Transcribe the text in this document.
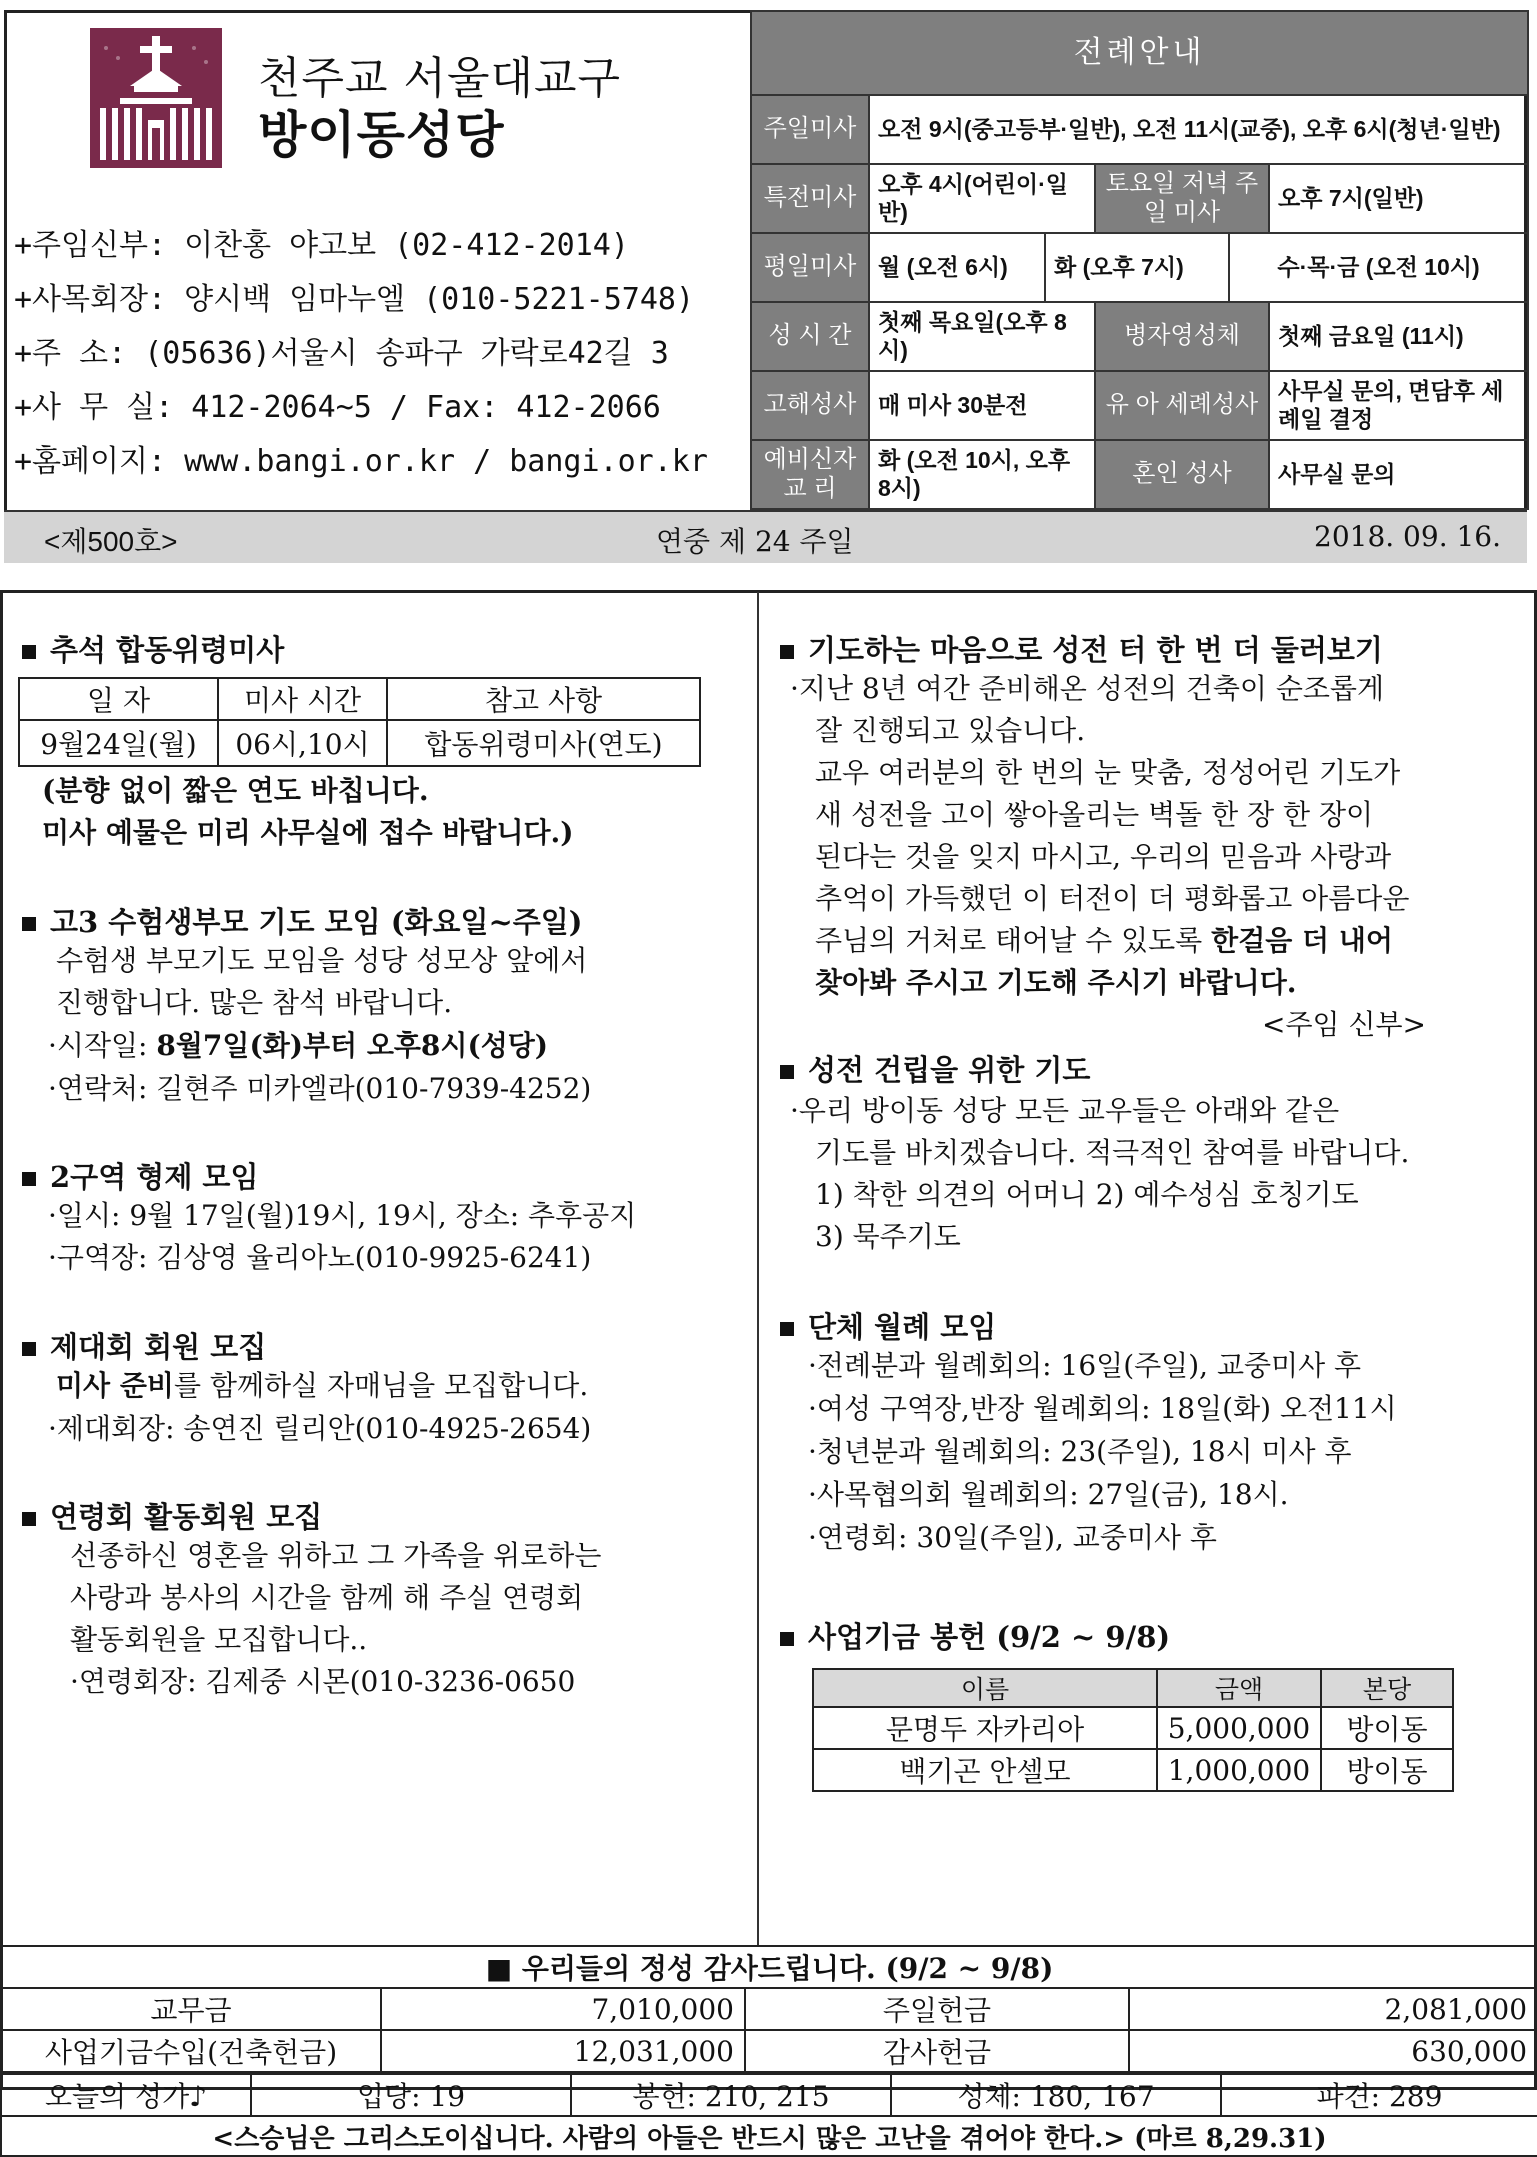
천주교 서울대교구
방이동성당
+주임신부: 이찬홍 야고보 (02-412-2014)
+사목회장: 양시백 임마누엘 (010-5221-5748)
+주 소: (05636)서울시 송파구 가락로42길 3
+사 무 실: 412-2064~5 / Fax: 412-2066
+홈페이지: www.bangi.or.kr / bangi.or.kr
전례안내					
주일미사	오전 9시(중고등부·일반), 오전 11시(교중), 오후 6시(청년·일반)				
특전미사	오후 4시(어린이·일반)		토요일 저녁 주일 미사		오후 7시(일반)
평일미사	월 (오전 6시)	화 (오후 7시)		수·목·금 (오전 10시)	
성 시 간	첫째 목요일(오후 8시)		병자영성체		첫째 금요일 (11시)
고해성사	매 미사 30분전		유 아 세례성사		사무실 문의, 면담후 세례일 결정
예비신자 교 리	화 (오전 10시, 오후 8시)		혼인 성사		사무실 문의
<제500호>	연중 제 24 주일	2018. 09. 16.
추석 합동위령미사
일 자	미사 시간	참고 사항
9월24일(월)	06시,10시	합동위령미사(연도)
(분향 없이 짧은 연도 바칩니다.
미사 예물은 미리 사무실에 접수 바랍니다.)
고3 수험생부모 기도 모임 (화요일~주일)
수험생 부모기도 모임을 성당 성모상 앞에서
진행합니다. 많은 참석 바랍니다.
·시작일: 8월7일(화)부터 오후8시(성당)
·연락처: 길현주 미카엘라(010-7939-4252)
2구역 형제 모임
·일시: 9월 17일(월)19시, 19시, 장소: 추후공지
·구역장: 김상영 율리아노(010-9925-6241)
제대회 회원 모집
미사 준비를 함께하실 자매님을 모집합니다.
·제대회장: 송연진 릴리안(010-4925-2654)
연령회 활동회원 모집
선종하신 영혼을 위하고 그 가족을 위로하는
사랑과 봉사의 시간을 함께 해 주실 연령회
활동회원을 모집합니다..
·연령회장: 김제중 시몬(010-3236-0650
기도하는 마음으로 성전 터 한 번 더 둘러보기
·지난 8년 여간 준비해온 성전의 건축이 순조롭게
잘 진행되고 있습니다.
교우 여러분의 한 번의 눈 맞춤, 정성어린 기도가
새 성전을 고이 쌓아올리는 벽돌 한 장 한 장이
된다는 것을 잊지 마시고, 우리의 믿음과 사랑과
추억이 가득했던 이 터전이 더 평화롭고 아름다운
주님의 거처로 태어날 수 있도록 한걸음 더 내어
찾아봐 주시고 기도해 주시기 바랍니다.
<주임 신부>
성전 건립을 위한 기도
·우리 방이동 성당 모든 교우들은 아래와 같은
기도를 바치겠습니다. 적극적인 참여를 바랍니다.
1) 착한 의견의 어머니 2) 예수성심 호칭기도
3) 묵주기도
단체 월례 모임
·전례분과 월례회의: 16일(주일), 교중미사 후
·여성 구역장,반장 월례회의: 18일(화) 오전11시
·청년분과 월례회의: 23(주일), 18시 미사 후
·사목협의회 월례회의: 27일(금), 18시.
·연령회: 30일(주일), 교중미사 후
사업기금 봉헌 (9/2 ~ 9/8)
이름	금액	본당
문명두 자카리아	5,000,000	방이동
백기곤 안셀모	1,000,000	방이동
■ 우리들의 정성 감사드립니다. (9/2 ~ 9/8)			
교무금	7,010,000	주일헌금	2,081,000
사업기금수입(건축헌금)	12,031,000	감사헌금	630,000
오늘의 성가♪	입당: 19	봉헌: 210, 215	성체: 180, 167	파견: 289
<스승님은 그리스도이십니다. 사람의 아들은 반드시 많은 고난을 겪어야 한다.> (마르 8,29.31)
